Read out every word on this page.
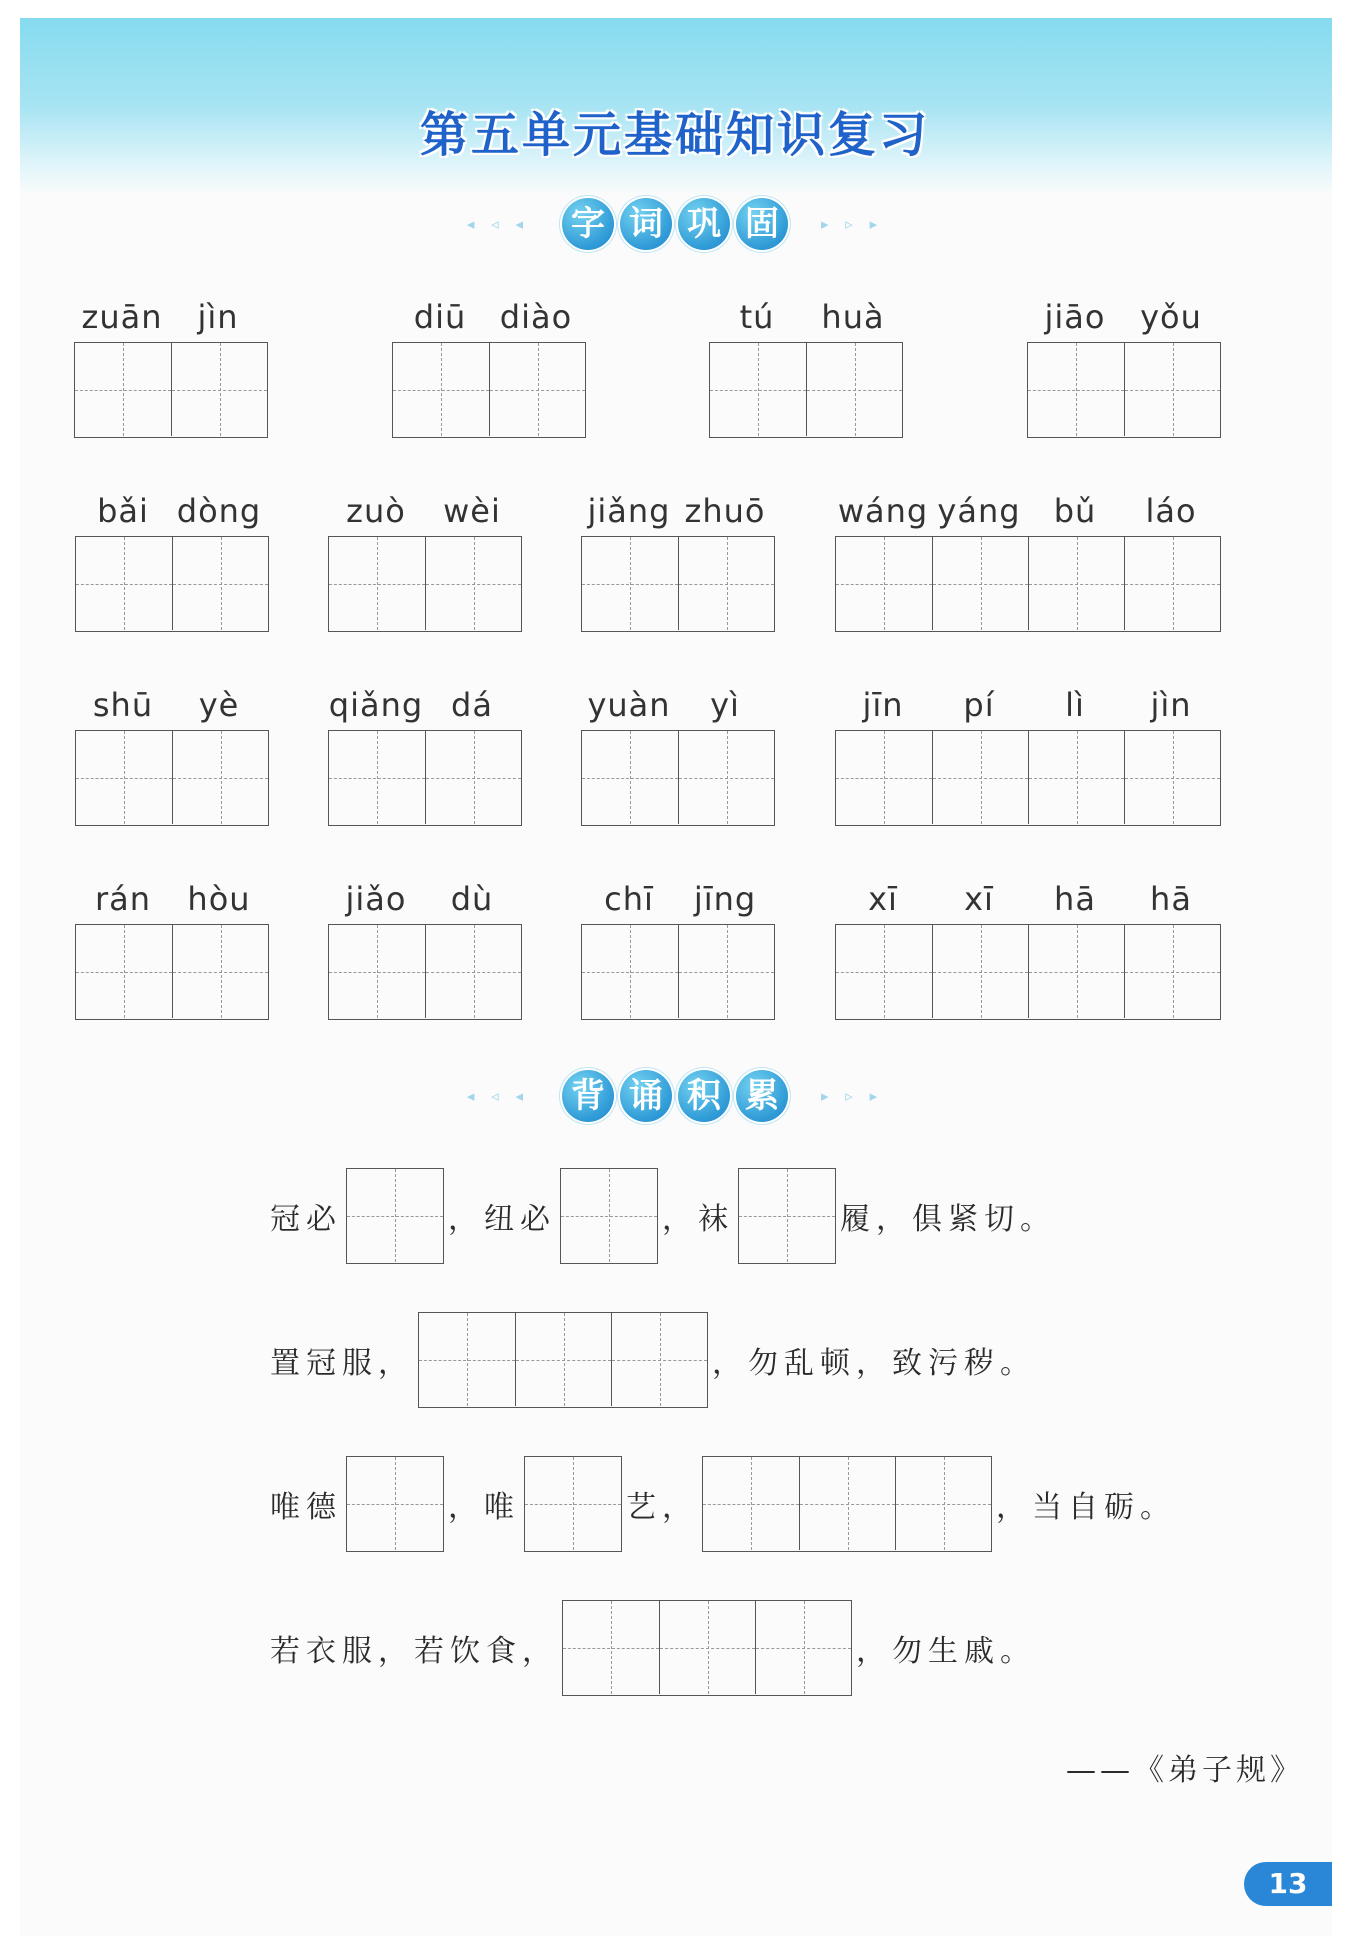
第五单元基础知识复习
◂ ◃ ◂ 字 词 巩 固	▸ ▹ ▸
zuān	jìn	diū	diào	tú	huà	jiāo	yǒu
bǎi dòng	zuò	wèi	jiǎng zhuō wáng yáng	bǔ	láo
shū	yè	qiǎng dá	yuàn	yì	jīn	pí	lì	jìn
rán	hòu	jiǎo	dù	chī	jīng	xī	xī	hā	hā
◂ ◃ ◂ 背 诵 积 累	▸ ▹ ▸
冠必	，纽必	，袜	履，俱紧切。
置冠服，	，勿乱顿，致污秽。
唯德	，唯	艺，	，当自砺。
若衣服，若饮食，	，勿生戚。
——《弟子规》
13
